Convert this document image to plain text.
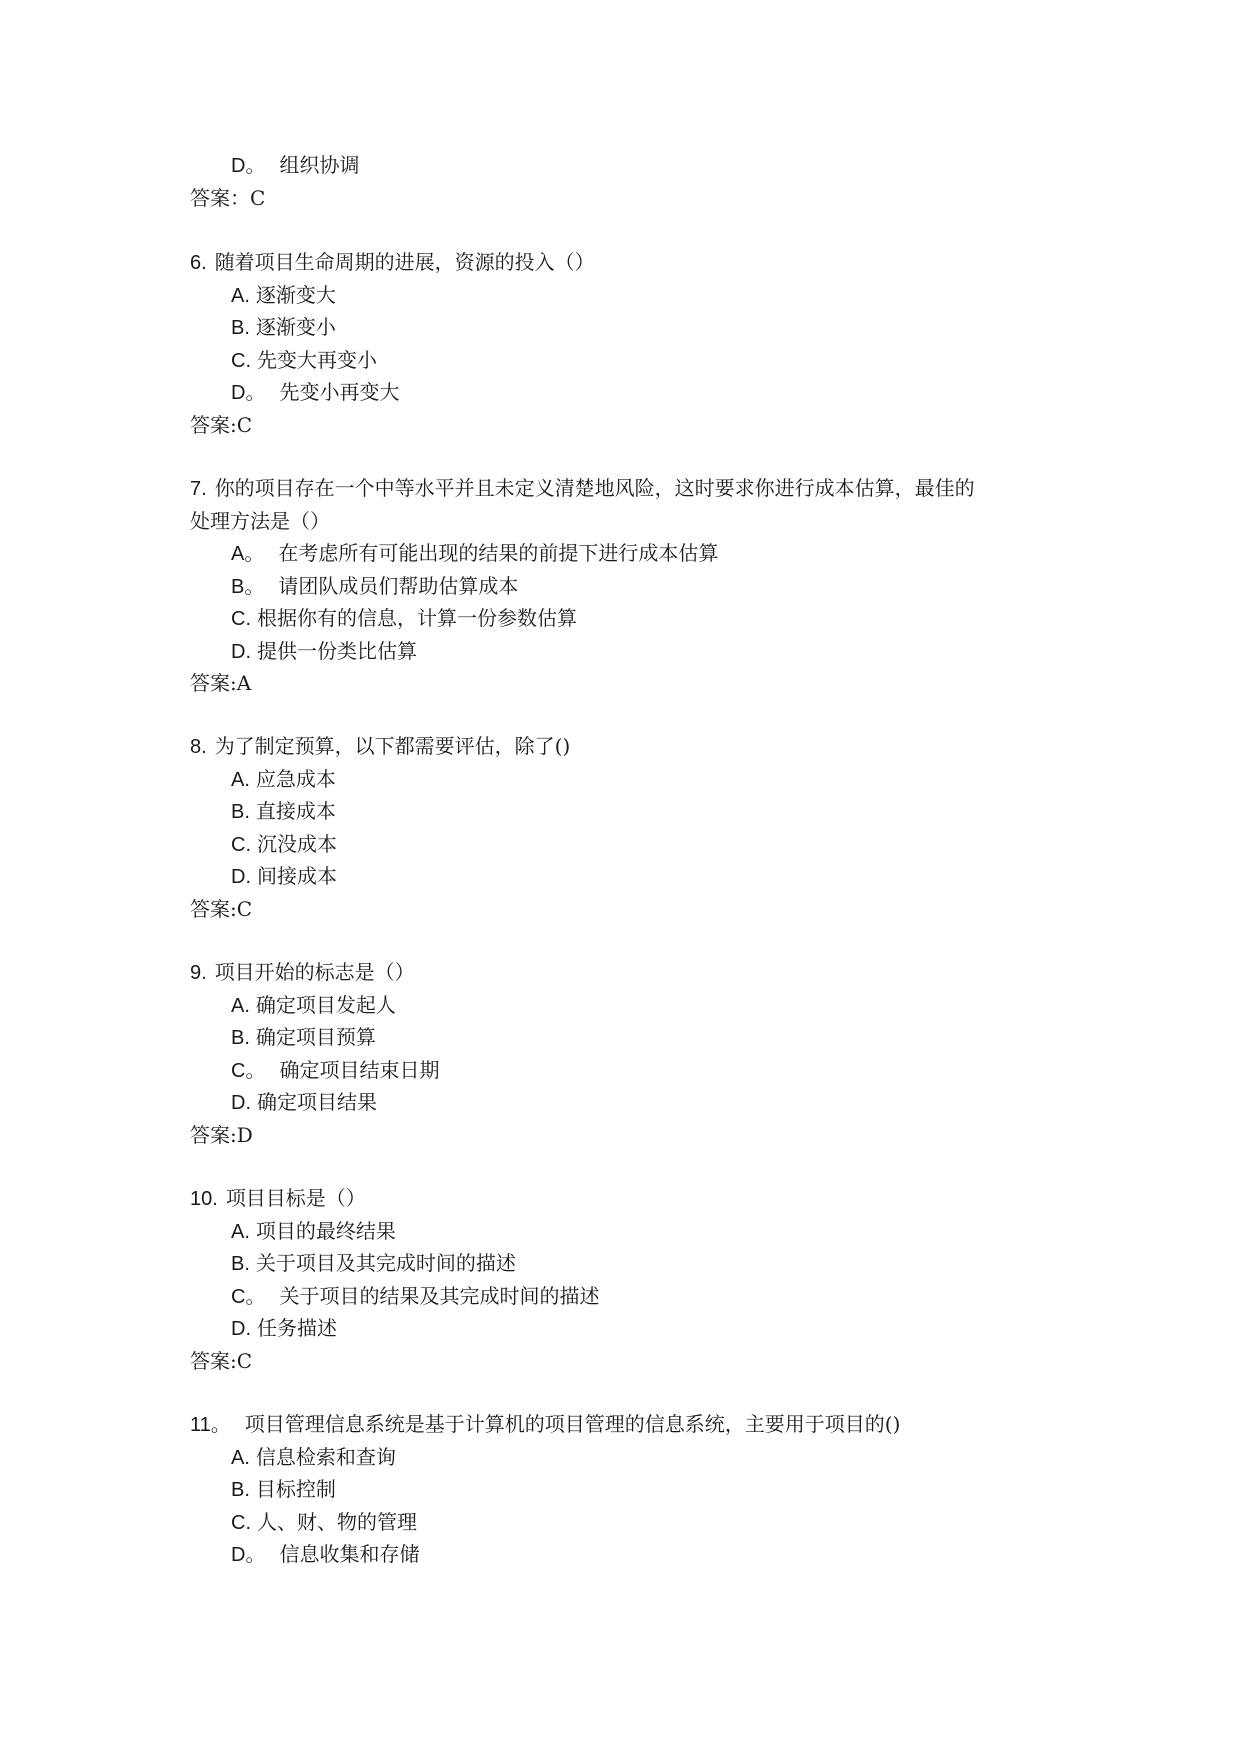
D。 组织协调
答案：C
6. 随着项目生命周期的进展，资源的投入（）
A. 逐渐变大
B. 逐渐变小
C. 先变大再变小
D。 先变小再变大
答案:C
7. 你的项目存在一个中等水平并且未定义清楚地风险，这时要求你进行成本估算，最佳的
处理方法是（）
A。 在考虑所有可能出现的结果的前提下进行成本估算
B。 请团队成员们帮助估算成本
C. 根据你有的信息，计算一份参数估算
D. 提供一份类比估算
答案:A
8. 为了制定预算，以下都需要评估，除了()
A. 应急成本
B. 直接成本
C. 沉没成本
D. 间接成本
答案:C
9. 项目开始的标志是（）
A. 确定项目发起人
B. 确定项目预算
C。 确定项目结束日期
D. 确定项目结果
答案:D
10. 项目目标是（）
A. 项目的最终结果
B. 关于项目及其完成时间的描述
C。 关于项目的结果及其完成时间的描述
D. 任务描述
答案:C
11。 项目管理信息系统是基于计算机的项目管理的信息系统，主要用于项目的()
A. 信息检索和查询
B. 目标控制
C. 人、财、物的管理
D。 信息收集和存储
